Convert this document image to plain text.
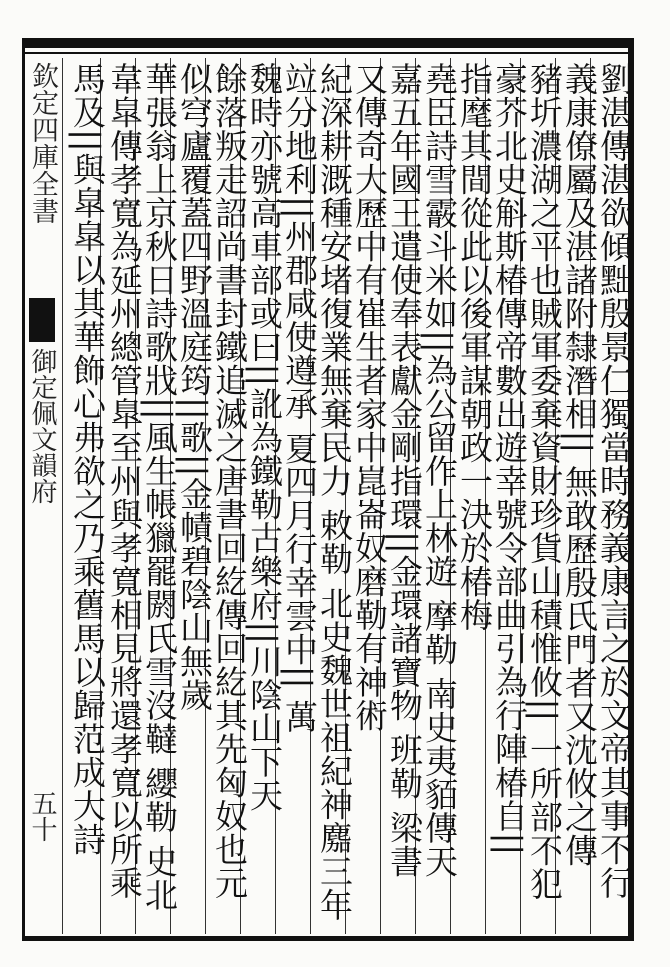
欽定四庫全書
御定佩文韻府
五十	劉湛傳湛欲傾黜殷景仁獨當時務義康言之於文帝其事不行
義康僚屬及湛諸附隸潛相|| 無敢歷殷氏門者又沈攸之傳
豬圻濃湖之平也賊軍委棄資財珍貨山積惟攸|| 一所部不犯
豪芥北史斛斯椿傳帝數出遊幸號令部曲引為行陣椿自||
指麾其間從此以後軍謀朝政一決於椿梅
堯臣詩雪霰斗米如||為公留作上林遊 摩勒 南史夷貊傳天
嘉五年國王遣使奉表獻金剛指環||金環諸寶物 班勒 梁書
又傳奇大歷中有崔生者家中崑崙奴磨勒有神術
紀深耕溉種安堵復業無棄民力 敕勒 北史魏世祖紀神䴥三年
竝分地利||州郡咸使遵承 夏四月行幸雲中|| 萬
魏時亦號高車部或曰||訛為鐵勒古樂府||川陰山下天
餘落叛走詔尚書封鐵追滅之唐書回紇傳回紇其先匈奴也元
似穹廬覆蓋四野溫庭筠||歌||金幘碧陰山無歲
華張翁上京秋日詩歌戕||風生帳獵罷閼氏雪沒韃 纓勒 史北
韋皐傳孝寬為延州總管臯至州與孝寬相見將還孝寬以所乘
馬及||與皐皐以其華飾心弗欲之乃乘舊馬以歸范成大詩
